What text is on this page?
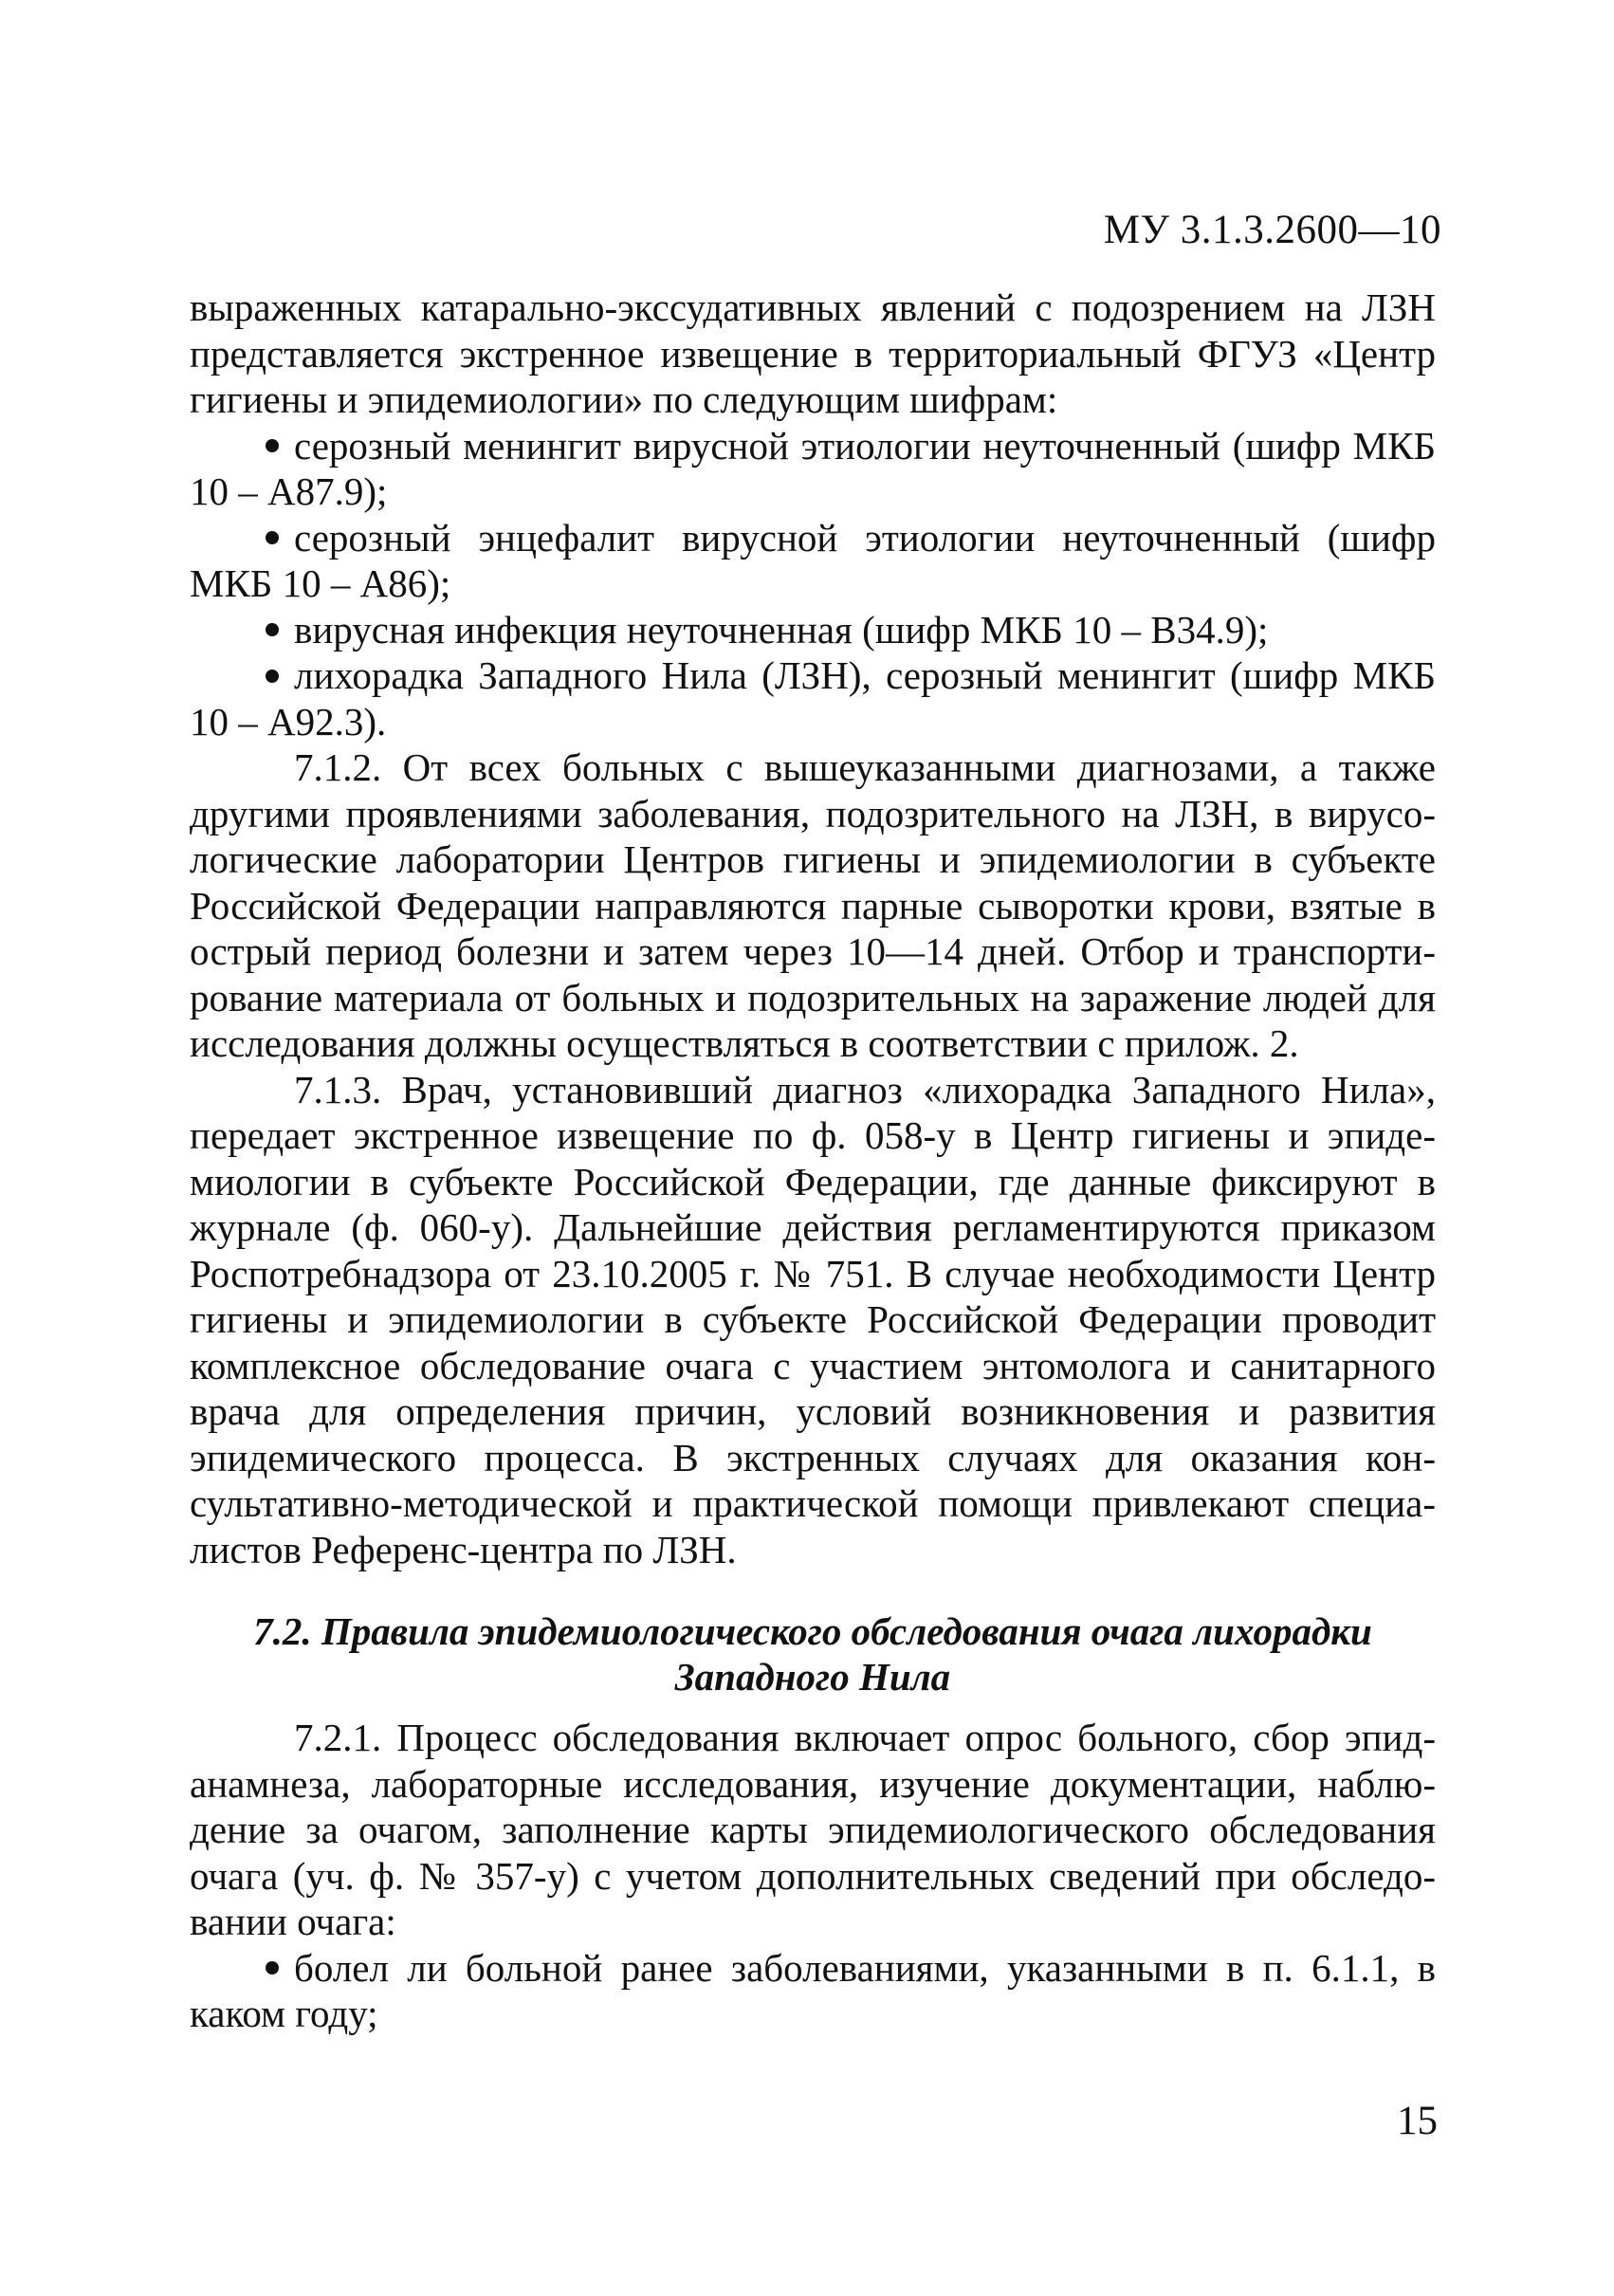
МУ 3.1.3.2600—10

выраженных катарально-экссудативных явлений с подозрением на ЛЗН представляется экстренное извещение в территориальный ФГУЗ «Центр гигиены и эпидемиологии» по следующим шифрам:

серозный менингит вирусной этиологии неуточненный (шифр МКБ 10 – A87.9);

серозный энцефалит вирусной этиологии неуточненный (шифр МКБ 10 – A86);

вирусная инфекция неуточненная (шифр МКБ 10 – B34.9);

лихорадка Западного Нила (ЛЗН), серозный менингит (шифр МКБ 10 – A92.3).

7.1.2. От всех больных с вышеуказанными диагнозами, а также другими проявлениями заболевания, подозрительного на ЛЗН, в вирусологические лаборатории Центров гигиены и эпидемиологии в субъекте Российской Федерации направляются парные сыворотки крови, взятые в острый период болезни и затем через 10—14 дней. Отбор и транспортирование материала от больных и подозрительных на заражение людей для исследования должны осуществляться в соответствии с прилож. 2.

7.1.3. Врач, установивший диагноз «лихорадка Западного Нила», передает экстренное извещение по ф. 058-у в Центр гигиены и эпидемиологии в субъекте Российской Федерации, где данные фиксируют в журнале (ф. 060-у). Дальнейшие действия регламентируются приказом Роспотребнадзора от 23.10.2005 г. № 751. В случае необходимости Центр гигиены и эпидемиологии в субъекте Российской Федерации проводит комплексное обследование очага с участием энтомолога и санитарного врача для определения причин, условий возникновения и развития эпидемического процесса. В экстренных случаях для оказания консультативно-методической и практической помощи привлекают специалистов Референс-центра по ЛЗН.

7.2. Правила эпидемиологического обследования очага лихорадки Западного Нила

7.2.1. Процесс обследования включает опрос больного, сбор эпиданамнеза, лабораторные исследования, изучение документации, наблюдение за очагом, заполнение карты эпидемиологического обследования очага (уч. ф. № 357-у) с учетом дополнительных сведений при обследовании очага:

болел ли больной ранее заболеваниями, указанными в п. 6.1.1, в каком году;

15
